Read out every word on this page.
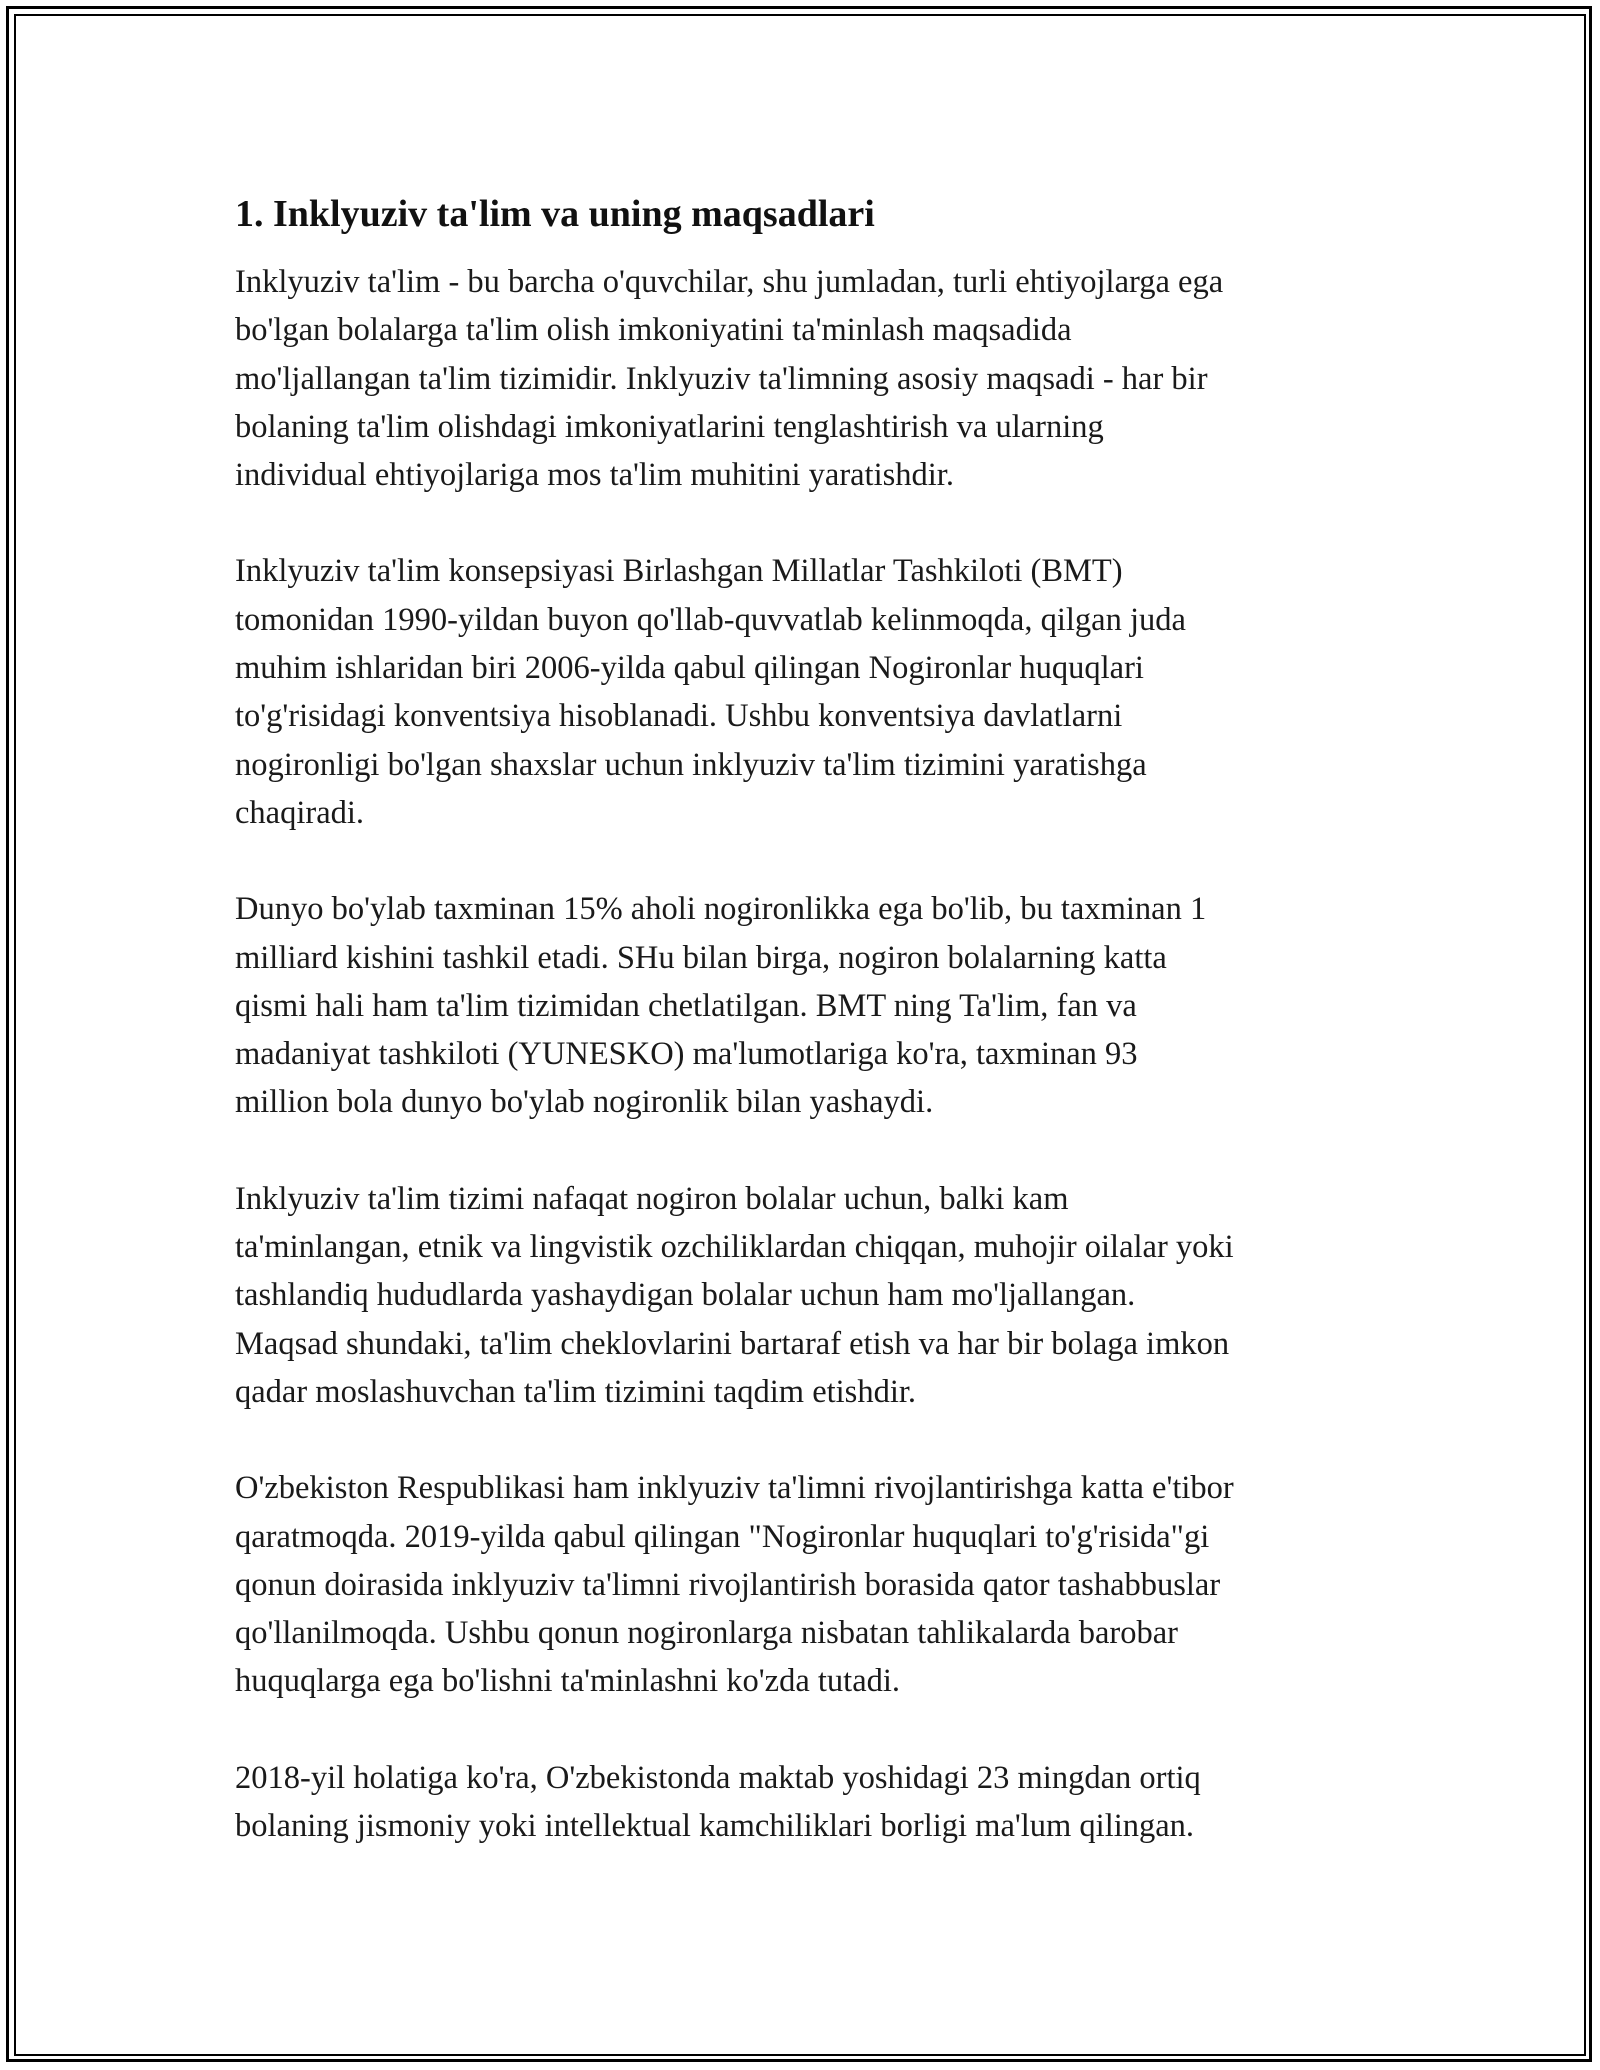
1. Inklyuziv ta'lim va uning maqsadlari

Inklyuziv ta'lim - bu barcha o'quvchilar, shu jumladan, turli ehtiyojlarga ega
bo'lgan bolalarga ta'lim olish imkoniyatini ta'minlash maqsadida
mo'ljallangan ta'lim tizimidir. Inklyuziv ta'limning asosiy maqsadi - har bir
bolaning ta'lim olishdagi imkoniyatlarini tenglashtirish va ularning
individual ehtiyojlariga mos ta'lim muhitini yaratishdir.

Inklyuziv ta'lim konsepsiyasi Birlashgan Millatlar Tashkiloti (BMT)
tomonidan 1990-yildan buyon qo'llab-quvvatlab kelinmoqda, qilgan juda
muhim ishlaridan biri 2006-yilda qabul qilingan Nogironlar huquqlari
to'g'risidagi konventsiya hisoblanadi. Ushbu konventsiya davlatlarni
nogironligi bo'lgan shaxslar uchun inklyuziv ta'lim tizimini yaratishga
chaqiradi.

Dunyo bo'ylab taxminan 15% aholi nogironlikka ega bo'lib, bu taxminan 1
milliard kishini tashkil etadi. SHu bilan birga, nogiron bolalarning katta
qismi hali ham ta'lim tizimidan chetlatilgan. BMT ning Ta'lim, fan va
madaniyat tashkiloti (YUNESKO) ma'lumotlariga ko'ra, taxminan 93
million bola dunyo bo'ylab nogironlik bilan yashaydi.

Inklyuziv ta'lim tizimi nafaqat nogiron bolalar uchun, balki kam
ta'minlangan, etnik va lingvistik ozchiliklardan chiqqan, muhojir oilalar yoki
tashlandiq hududlarda yashaydigan bolalar uchun ham mo'ljallangan.
Maqsad shundaki, ta'lim cheklovlarini bartaraf etish va har bir bolaga imkon
qadar moslashuvchan ta'lim tizimini taqdim etishdir.

O'zbekiston Respublikasi ham inklyuziv ta'limni rivojlantirishga katta e'tibor
qaratmoqda. 2019-yilda qabul qilingan "Nogironlar huquqlari to'g'risida"gi
qonun doirasida inklyuziv ta'limni rivojlantirish borasida qator tashabbuslar
qo'llanilmoqda. Ushbu qonun nogironlarga nisbatan tahlikalarda barobar
huquqlarga ega bo'lishni ta'minlashni ko'zda tutadi.

2018-yil holatiga ko'ra, O'zbekistonda maktab yoshidagi 23 mingdan ortiq
bolaning jismoniy yoki intellektual kamchiliklari borligi ma'lum qilingan.
